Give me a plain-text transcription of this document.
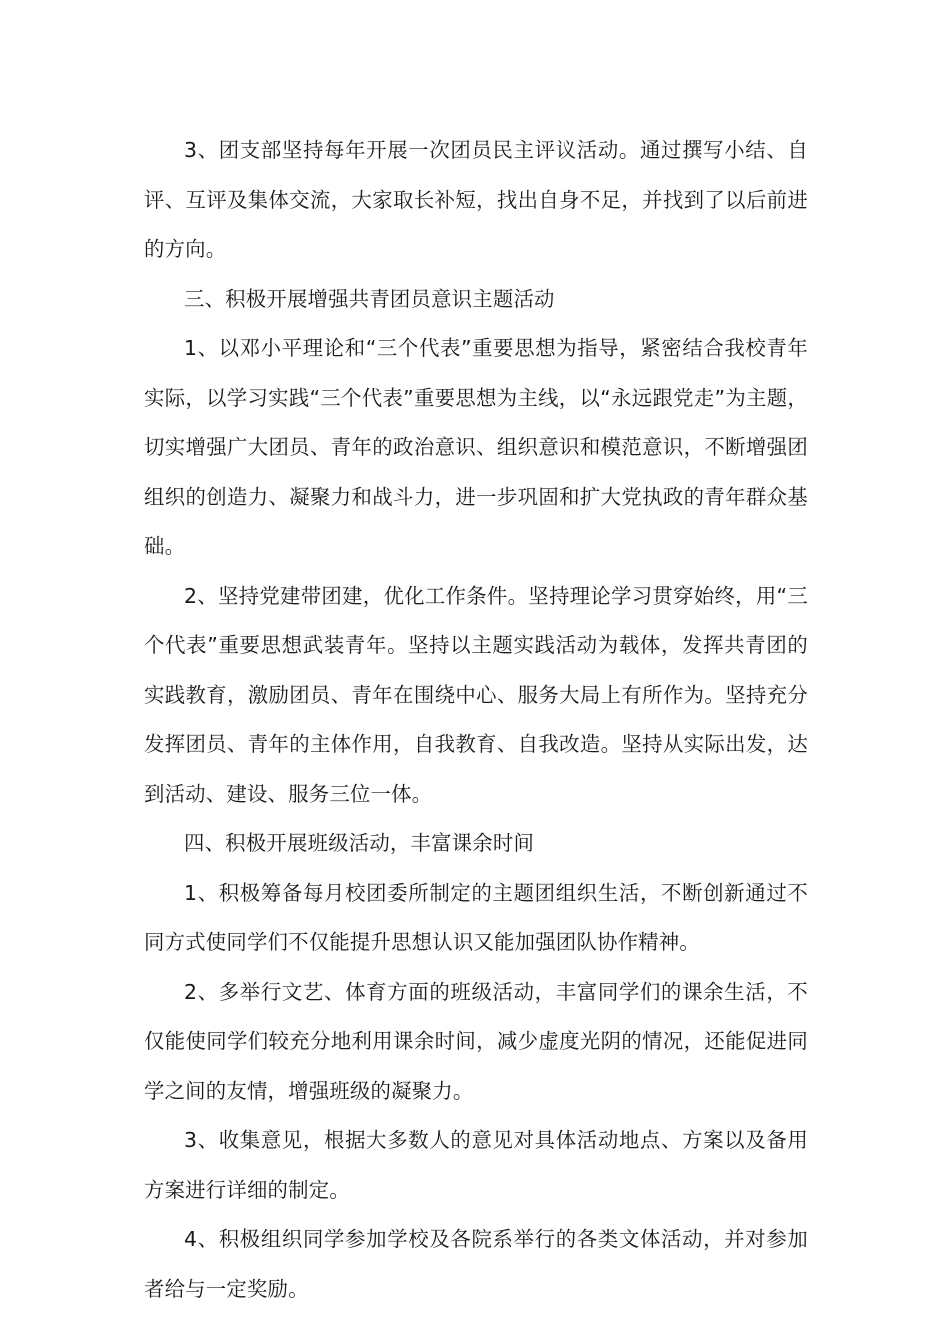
3、团支部坚持每年开展一次团员民主评议活动。通过撰写小结、自评、互评及集体交流，大家取长补短，找出自身不足，并找到了以后前进的方向。

三、积极开展增强共青团员意识主题活动

1、以邓小平理论和“三个代表”重要思想为指导，紧密结合我校青年实际，以学习实践“三个代表”重要思想为主线，以“永远跟党走”为主题，切实增强广大团员、青年的政治意识、组织意识和模范意识，不断增强团组织的创造力、凝聚力和战斗力，进一步巩固和扩大党执政的青年群众基础。

2、坚持党建带团建，优化工作条件。坚持理论学习贯穿始终，用“三个代表”重要思想武装青年。坚持以主题实践活动为载体，发挥共青团的实践教育，激励团员、青年在围绕中心、服务大局上有所作为。坚持充分发挥团员、青年的主体作用，自我教育、自我改造。坚持从实际出发，达到活动、建设、服务三位一体。

四、积极开展班级活动，丰富课余时间

1、积极筹备每月校团委所制定的主题团组织生活，不断创新通过不同方式使同学们不仅能提升思想认识又能加强团队协作精神。

2、多举行文艺、体育方面的班级活动，丰富同学们的课余生活，不仅能使同学们较充分地利用课余时间，减少虚度光阴的情况，还能促进同学之间的友情，增强班级的凝聚力。

3、收集意见，根据大多数人的意见对具体活动地点、方案以及备用方案进行详细的制定。

4、积极组织同学参加学校及各院系举行的各类文体活动，并对参加者给与一定奖励。
